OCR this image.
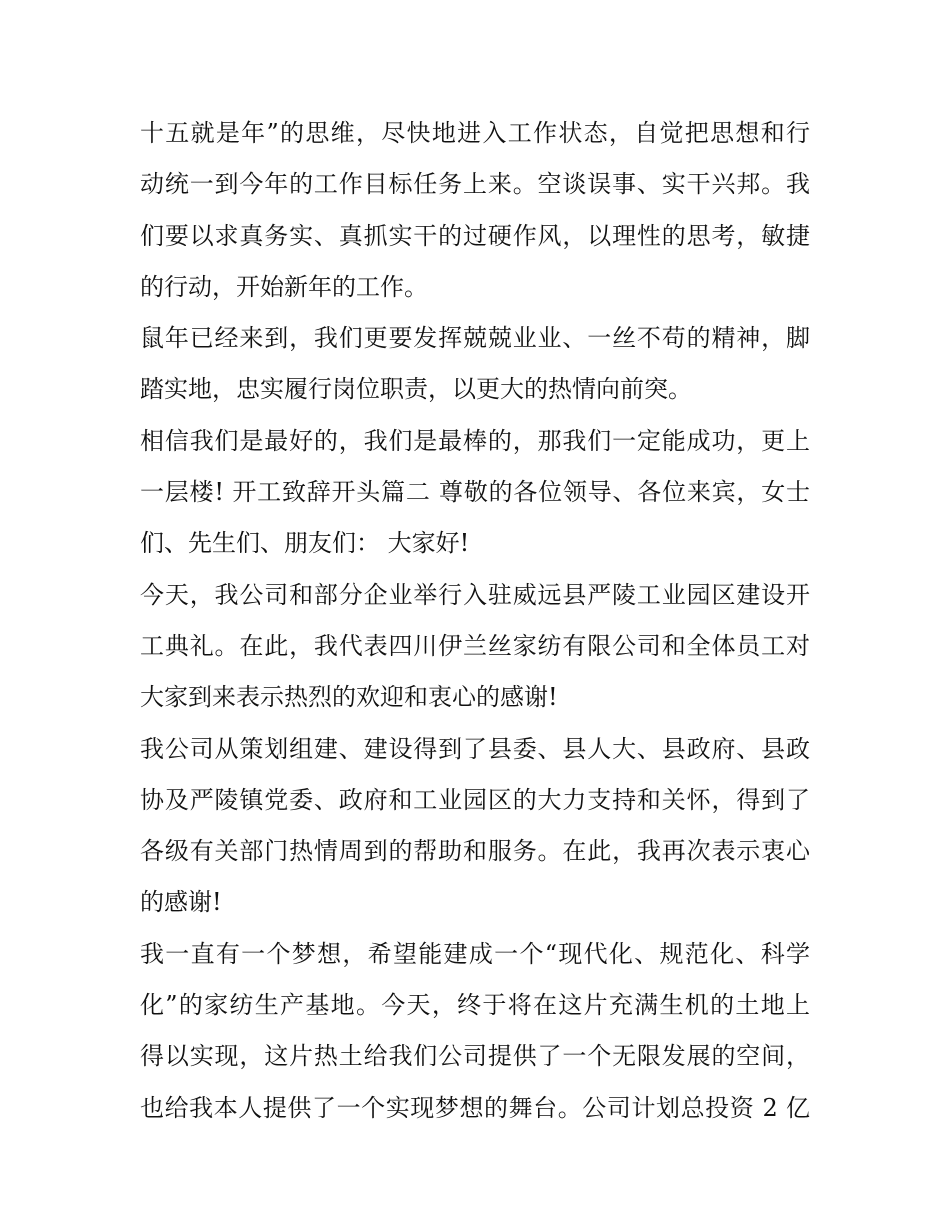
十五就是年”的思维，尽快地进入工作状态，自觉把思想和行
动统一到今年的工作目标任务上来。空谈误事、实干兴邦。我
们要以求真务实、真抓实干的过硬作风，以理性的思考，敏捷
的行动，开始新年的工作。
鼠年已经来到，我们更要发挥兢兢业业、一丝不苟的精神，脚
踏实地，忠实履行岗位职责，以更大的热情向前突。
相信我们是最好的，我们是最棒的，那我们一定能成功，更上
一层楼! 开工致辞开头篇二 尊敬的各位领导、各位来宾，女士
们、先生们、朋友们： 大家好!
今天，我公司和部分企业举行入驻威远县严陵工业园区建设开
工典礼。在此，我代表四川伊兰丝家纺有限公司和全体员工对
大家到来表示热烈的欢迎和衷心的感谢!
我公司从策划组建、建设得到了县委、县人大、县政府、县政
协及严陵镇党委、政府和工业园区的大力支持和关怀，得到了
各级有关部门热情周到的帮助和服务。在此，我再次表示衷心
的感谢!
我一直有一个梦想，希望能建成一个“现代化、规范化、科学
化”的家纺生产基地。今天，终于将在这片充满生机的土地上
得以实现，这片热土给我们公司提供了一个无限发展的空间，
也给我本人提供了一个实现梦想的舞台。公司计划总投资 2 亿
